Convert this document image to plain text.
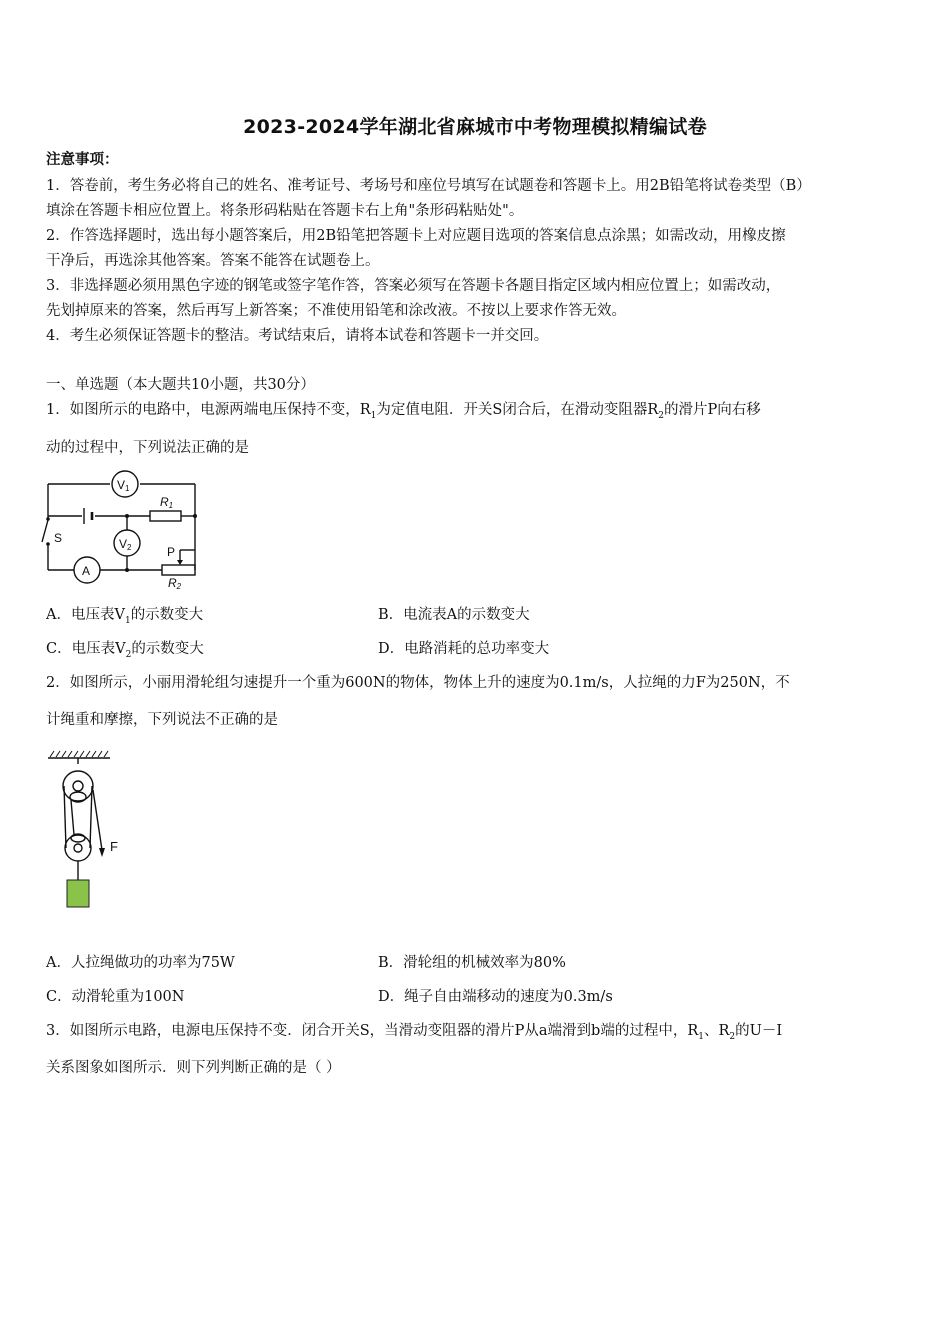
2023-2024学年湖北省麻城市中考物理模拟精编试卷
注意事项：
1．答卷前，考生务必将自己的姓名、准考证号、考场号和座位号填写在试题卷和答题卡上。用2B铅笔将试卷类型（B）
填涂在答题卡相应位置上。将条形码粘贴在答题卡右上角"条形码粘贴处"。
2．作答选择题时，选出每小题答案后，用2B铅笔把答题卡上对应题目选项的答案信息点涂黑；如需改动，用橡皮擦
干净后，再选涂其他答案。答案不能答在试题卷上。
3．非选择题必须用黑色字迹的钢笔或签字笔作答，答案必须写在答题卡各题目指定区域内相应位置上；如需改动，
先划掉原来的答案，然后再写上新答案；不准使用铅笔和涂改液。不按以上要求作答无效。
4．考生必须保证答题卡的整洁。考试结束后，请将本试卷和答题卡一并交回。
一、单选题（本大题共10小题，共30分）
1．如图所示的电路中，电源两端电压保持不变，$R_1$为定值电阻．开关S闭合后，在滑动变阻器$R_2$的滑片P向右移
动的过程中，下列说法正确的是
V1
V2
A
R1
R2
P
S
A．电压表$V_1$的示数变大	B．电流表A的示数变大
C．电压表$V_2$的示数变大	D．电路消耗的总功率变大
2．如图所示，小丽用滑轮组匀速提升一个重为600N的物体，物体上升的速度为0.1m/s，人拉绳的力F为250N，不
计绳重和摩擦，下列说法不正确的是
F
A．人拉绳做功的功率为75W	B．滑轮组的机械效率为80%
C．动滑轮重为100N	D．绳子自由端移动的速度为0.3m/s
3．如图所示电路，电源电压保持不变．闭合开关S，当滑动变阻器的滑片P从a端滑到b端的过程中，$R_1$、$R_2$的U－I
关系图象如图所示．则下列判断正确的是（ ）
